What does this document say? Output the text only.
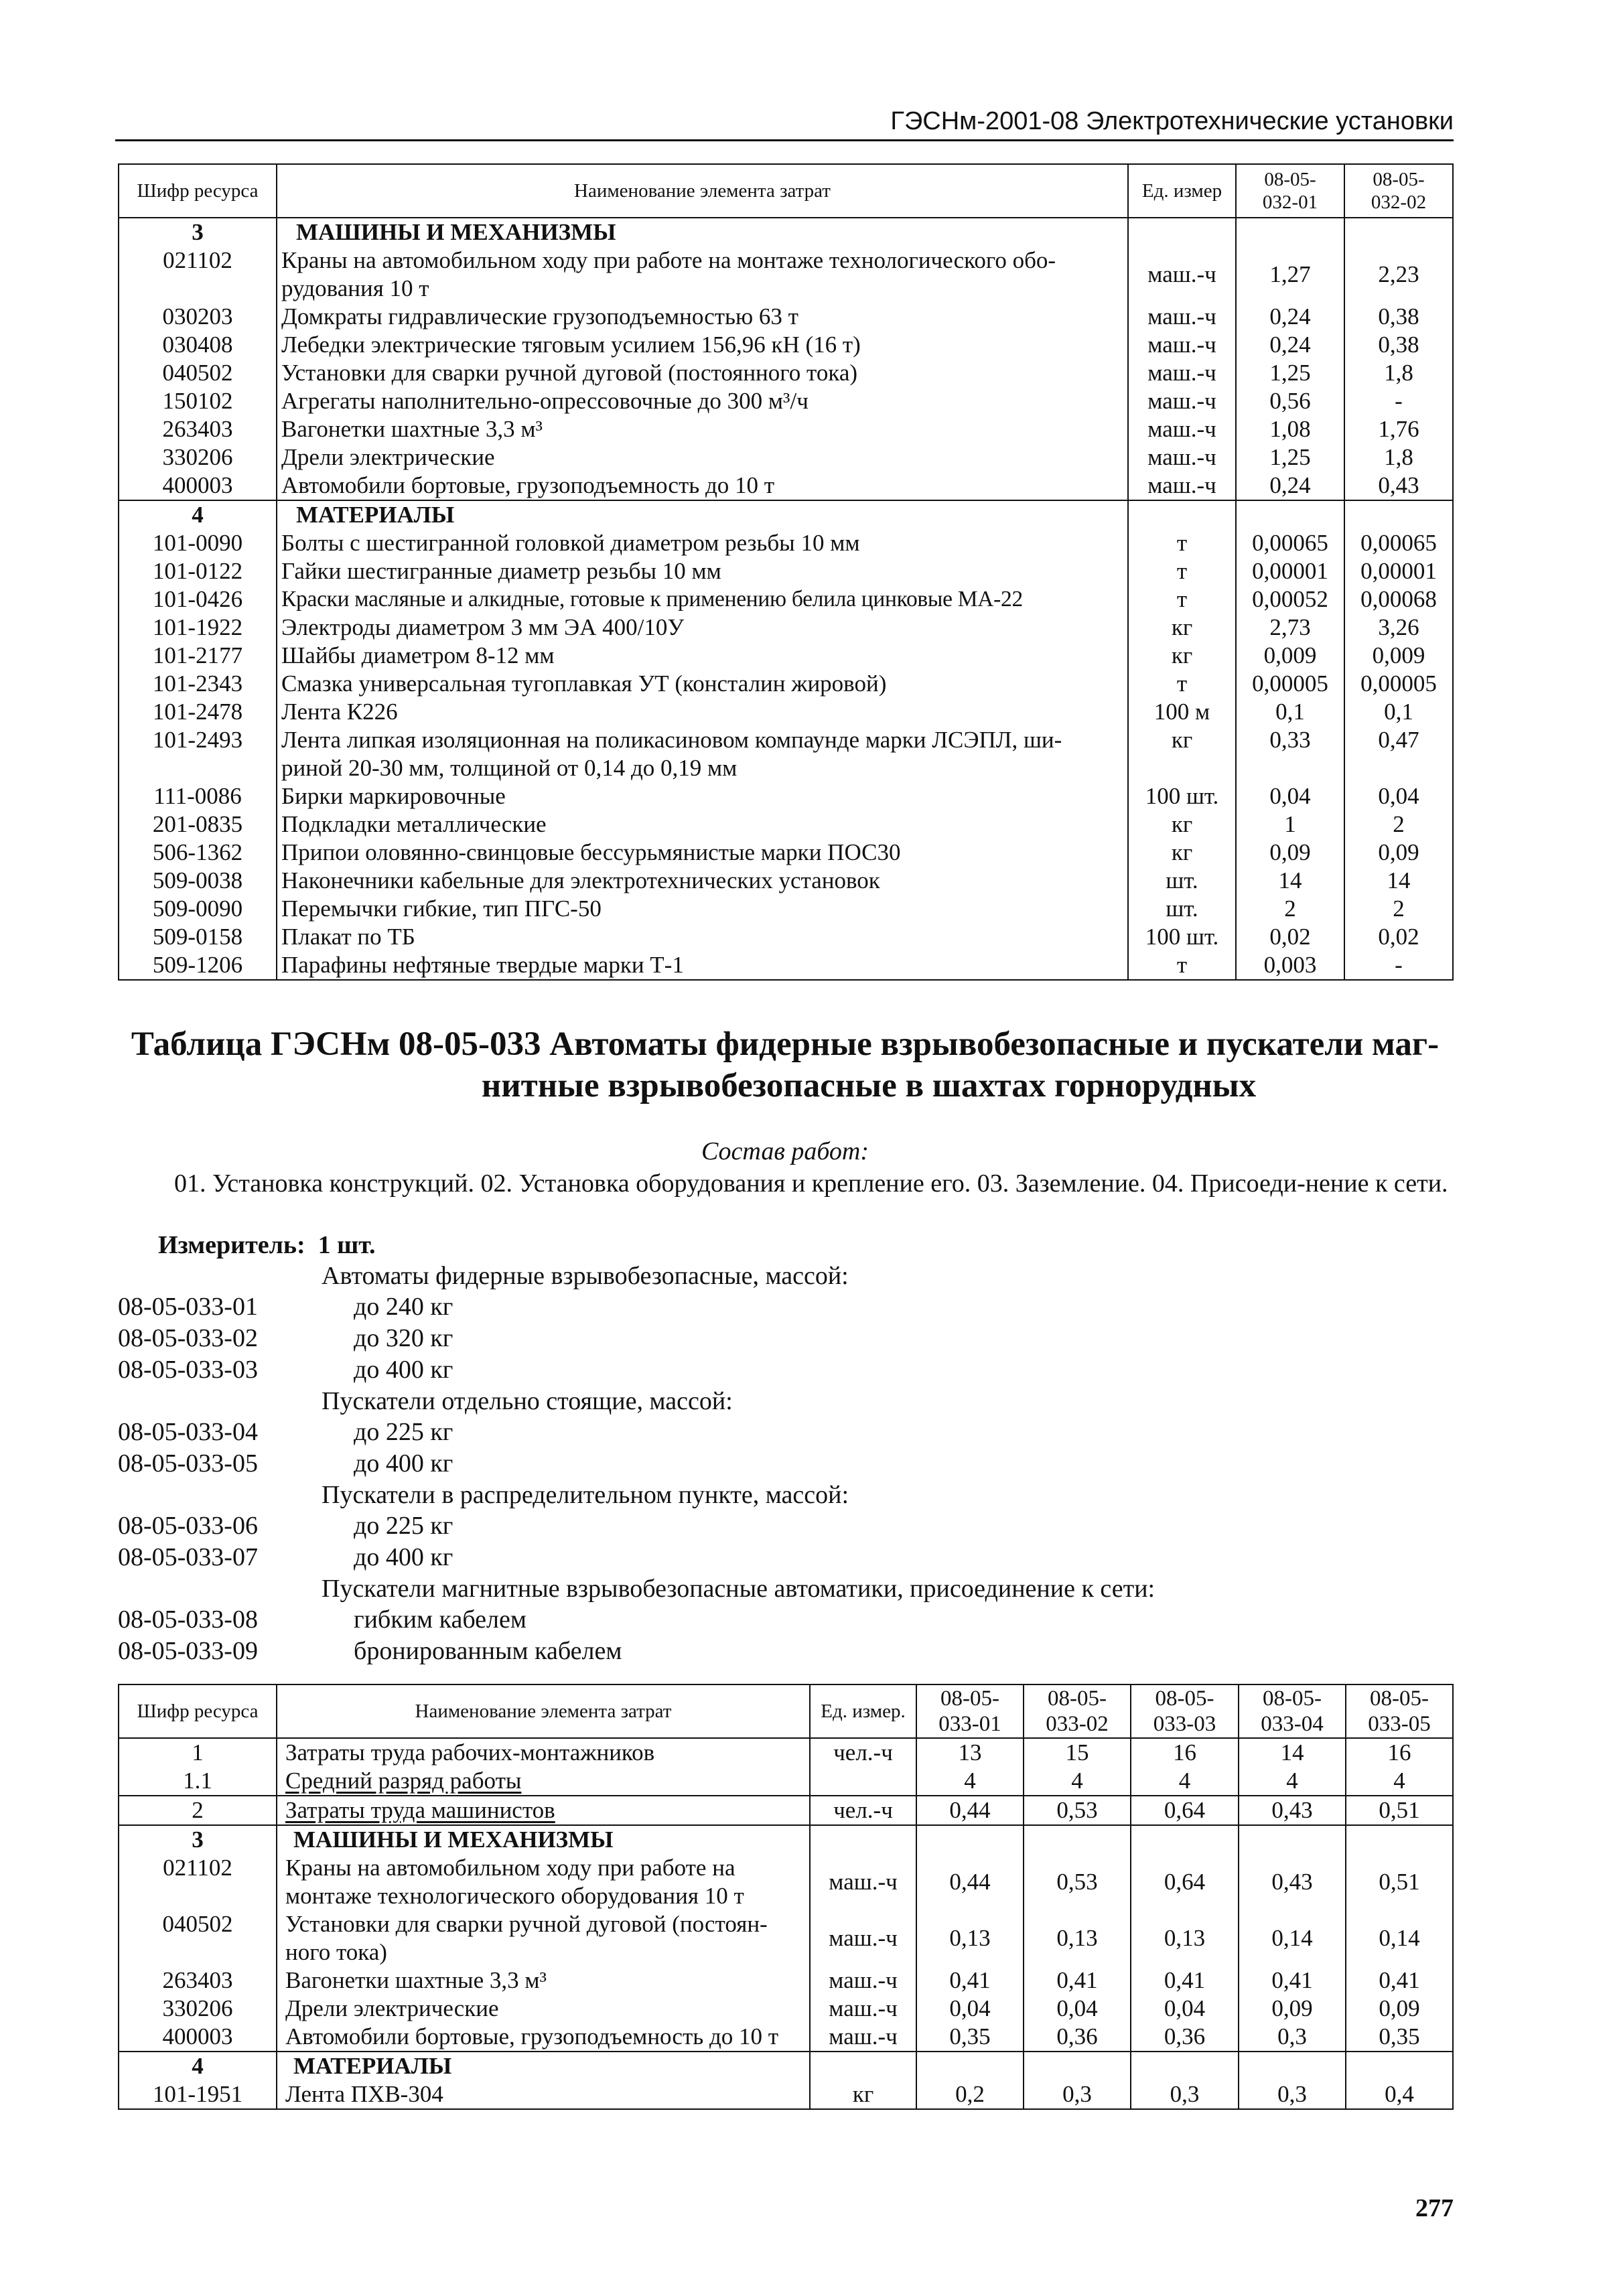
ГЭСНм-2001-08 Электротехнические установки
Шифр ресурса	Наименование элемента затрат	Ед. измер	08-05-
032-01	08-05-
032-02
3	МАШИНЫ И МЕХАНИЗМЫ			
021102	Краны на автомобильном ходу при работе на монтаже технологического обо-
рудования 10 т	маш.-ч	1,27	2,23
030203	Домкраты гидравлические грузоподъемностью 63 т	маш.-ч	0,24	0,38
030408	Лебедки электрические тяговым усилием 156,96 кН (16 т)	маш.-ч	0,24	0,38
040502	Установки для сварки ручной дуговой (постоянного тока)	маш.-ч	1,25	1,8
150102	Агрегаты наполнительно-опрессовочные до 300 м³/ч	маш.-ч	0,56	-
263403	Вагонетки шахтные 3,3 м³	маш.-ч	1,08	1,76
330206	Дрели электрические	маш.-ч	1,25	1,8
400003	Автомобили бортовые, грузоподъемность до 10 т	маш.-ч	0,24	0,43
4	МАТЕРИАЛЫ			
101-0090	Болты с шестигранной головкой диаметром резьбы 10 мм	т	0,00065	0,00065
101-0122	Гайки шестигранные диаметр резьбы 10 мм	т	0,00001	0,00001
101-0426	Краски масляные и алкидные, готовые к применению белила цинковые МА-22	т	0,00052	0,00068
101-1922	Электроды диаметром 3 мм ЭА 400/10У	кг	2,73	3,26
101-2177	Шайбы диаметром 8-12 мм	кг	0,009	0,009
101-2343	Смазка универсальная тугоплавкая УТ (консталин жировой)	т	0,00005	0,00005
101-2478	Лента К226	100 м	0,1	0,1
101-2493	Лента липкая изоляционная на поликасиновом компаунде марки ЛСЭПЛ, ши-
риной 20-30 мм, толщиной от 0,14 до 0,19 мм	кг	0,33	0,47
111-0086	Бирки маркировочные	100 шт.	0,04	0,04
201-0835	Подкладки металлические	кг	1	2
506-1362	Припои оловянно-свинцовые бессурьмянистые марки ПОС30	кг	0,09	0,09
509-0038	Наконечники кабельные для электротехнических установок	шт.	14	14
509-0090	Перемычки гибкие, тип ПГС-50	шт.	2	2
509-0158	Плакат по ТБ	100 шт.	0,02	0,02
509-1206	Парафины нефтяные твердые марки Т-1	т	0,003	-
Таблица ГЭСНм 08-05-033 Автоматы фидерные взрывобезопасные и пускатели маг-
нитные взрывобезопасные в шахтах горнорудных
Состав работ:
01. Установка конструкций. 02. Установка оборудования и крепление его. 03. Заземление. 04. Присоеди-нение к сети.
Измеритель: 1 шт.
Автоматы фидерные взрывобезопасные, массой:
08-05-033-01	до 240 кг
08-05-033-02	до 320 кг
08-05-033-03	до 400 кг
Пускатели отдельно стоящие, массой:
08-05-033-04	до 225 кг
08-05-033-05	до 400 кг
Пускатели в распределительном пункте, массой:
08-05-033-06	до 225 кг
08-05-033-07	до 400 кг
Пускатели магнитные взрывобезопасные автоматики, присоединение к сети:
08-05-033-08	гибким кабелем
08-05-033-09	бронированным кабелем
Шифр ресурса	Наименование элемента затрат	Ед. измер.	08-05-
033-01	08-05-
033-02	08-05-
033-03	08-05-
033-04	08-05-
033-05
1	Затраты труда рабочих-монтажников	чел.-ч	13	15	16	14	16
1.1	Средний разряд работы		4	4	4	4	4
2	Затраты труда машинистов	чел.-ч	0,44	0,53	0,64	0,43	0,51
3	МАШИНЫ И МЕХАНИЗМЫ						
021102	Краны на автомобильном ходу при работе на монтаже технологического оборудования 10 т	маш.-ч	0,44	0,53	0,64	0,43	0,51
040502	Установки для сварки ручной дуговой (постоян-ного тока)	маш.-ч	0,13	0,13	0,13	0,14	0,14
263403	Вагонетки шахтные 3,3 м³	маш.-ч	0,41	0,41	0,41	0,41	0,41
330206	Дрели электрические	маш.-ч	0,04	0,04	0,04	0,09	0,09
400003	Автомобили бортовые, грузоподъемность до 10 т	маш.-ч	0,35	0,36	0,36	0,3	0,35
4	МАТЕРИАЛЫ						
101-1951	Лента ПХВ-304	кг	0,2	0,3	0,3	0,3	0,4
277
